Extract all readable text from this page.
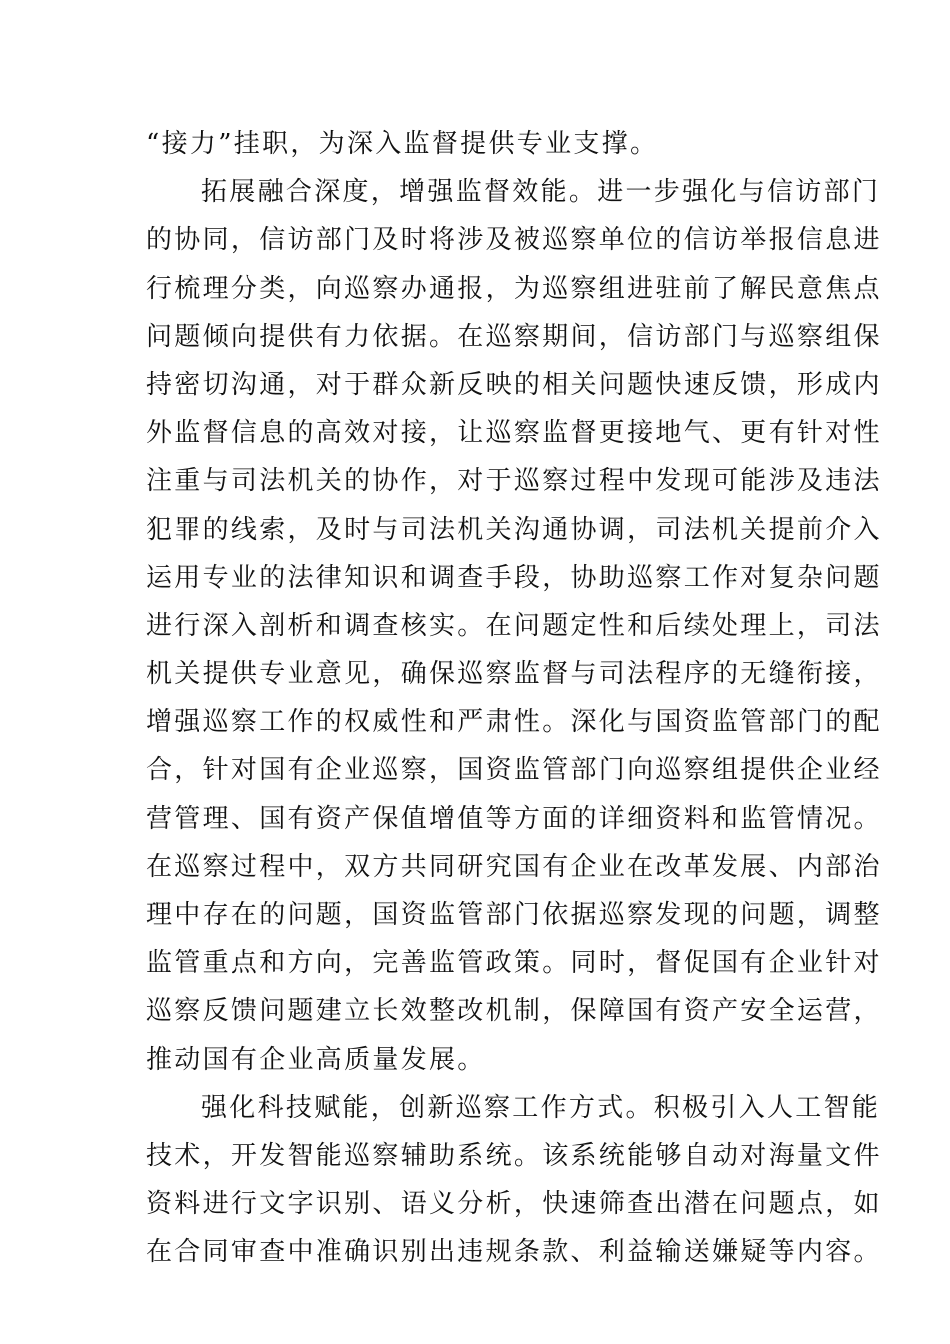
“接力”挂职，为深入监督提供专业支撑。
拓展融合深度，增强监督效能。进一步强化与信访部门
的协同，信访部门及时将涉及被巡察单位的信访举报信息进
行梳理分类，向巡察办通报，为巡察组进驻前了解民意焦点
问题倾向提供有力依据。在巡察期间，信访部门与巡察组保
持密切沟通，对于群众新反映的相关问题快速反馈，形成内
外监督信息的高效对接，让巡察监督更接地气、更有针对性
注重与司法机关的协作，对于巡察过程中发现可能涉及违法
犯罪的线索，及时与司法机关沟通协调，司法机关提前介入
运用专业的法律知识和调查手段，协助巡察工作对复杂问题
进行深入剖析和调查核实。在问题定性和后续处理上，司法
机关提供专业意见，确保巡察监督与司法程序的无缝衔接，
增强巡察工作的权威性和严肃性。深化与国资监管部门的配
合，针对国有企业巡察，国资监管部门向巡察组提供企业经
营管理、国有资产保值增值等方面的详细资料和监管情况。
在巡察过程中，双方共同研究国有企业在改革发展、内部治
理中存在的问题，国资监管部门依据巡察发现的问题，调整
监管重点和方向，完善监管政策。同时，督促国有企业针对
巡察反馈问题建立长效整改机制，保障国有资产安全运营，
推动国有企业高质量发展。
强化科技赋能，创新巡察工作方式。积极引入人工智能
技术，开发智能巡察辅助系统。该系统能够自动对海量文件
资料进行文字识别、语义分析，快速筛查出潜在问题点，如
在合同审查中准确识别出违规条款、利益输送嫌疑等内容。
